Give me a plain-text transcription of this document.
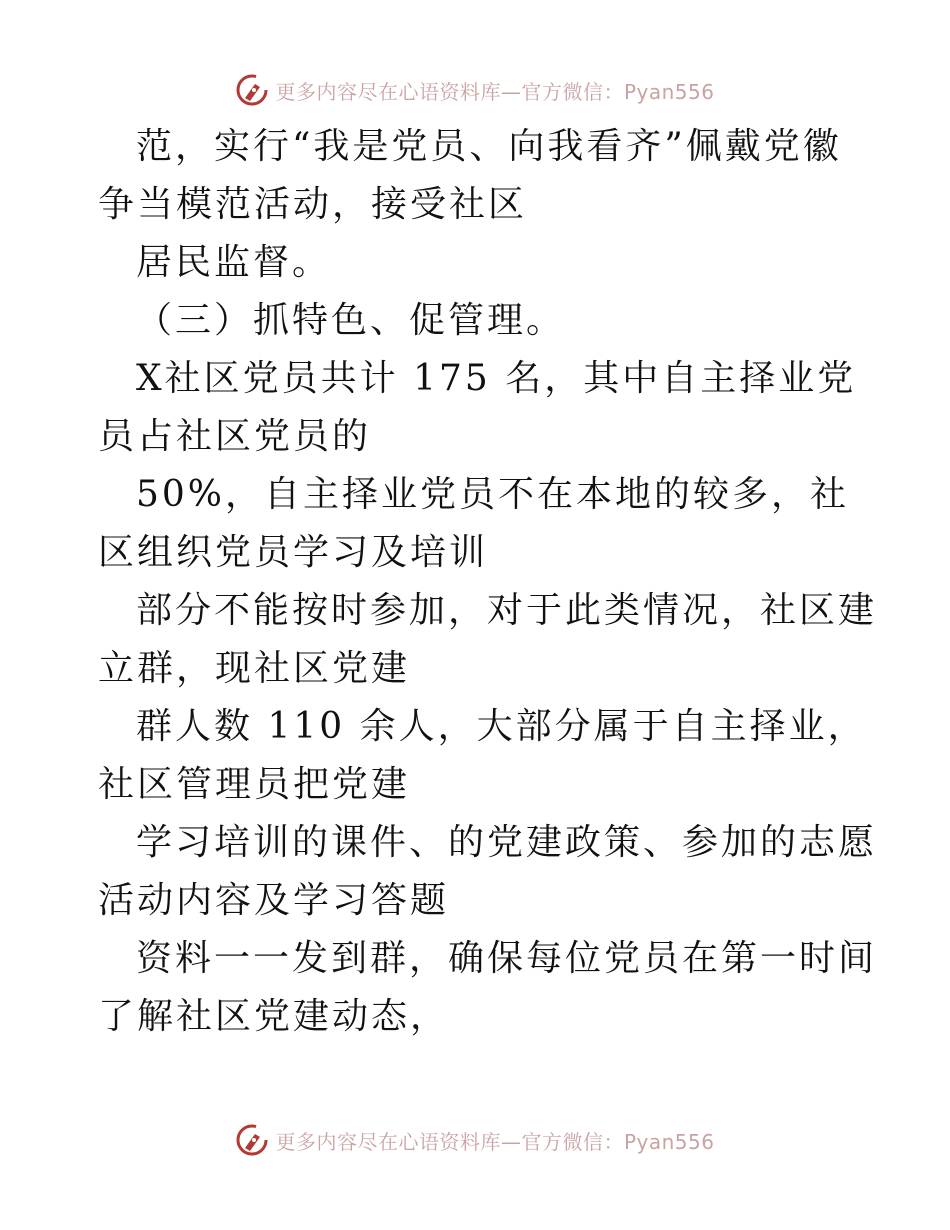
更多内容尽在心语资料库—官方微信：Pyan556

范，实行“我是党员、向我看齐”佩戴党徽争当模范活动，接受社区

居民监督。

（三）抓特色、促管理。

X社区党员共计 175 名，其中自主择业党员占社区党员的

50%，自主择业党员不在本地的较多，社区组织党员学习及培训

部分不能按时参加，对于此类情况，社区建立群，现社区党建

群人数 110 余人，大部分属于自主择业，社区管理员把党建

学习培训的课件、的党建政策、参加的志愿活动内容及学习答题

资料一一发到群，确保每位党员在第一时间了解社区党建动态，

更多内容尽在心语资料库—官方微信：Pyan556
